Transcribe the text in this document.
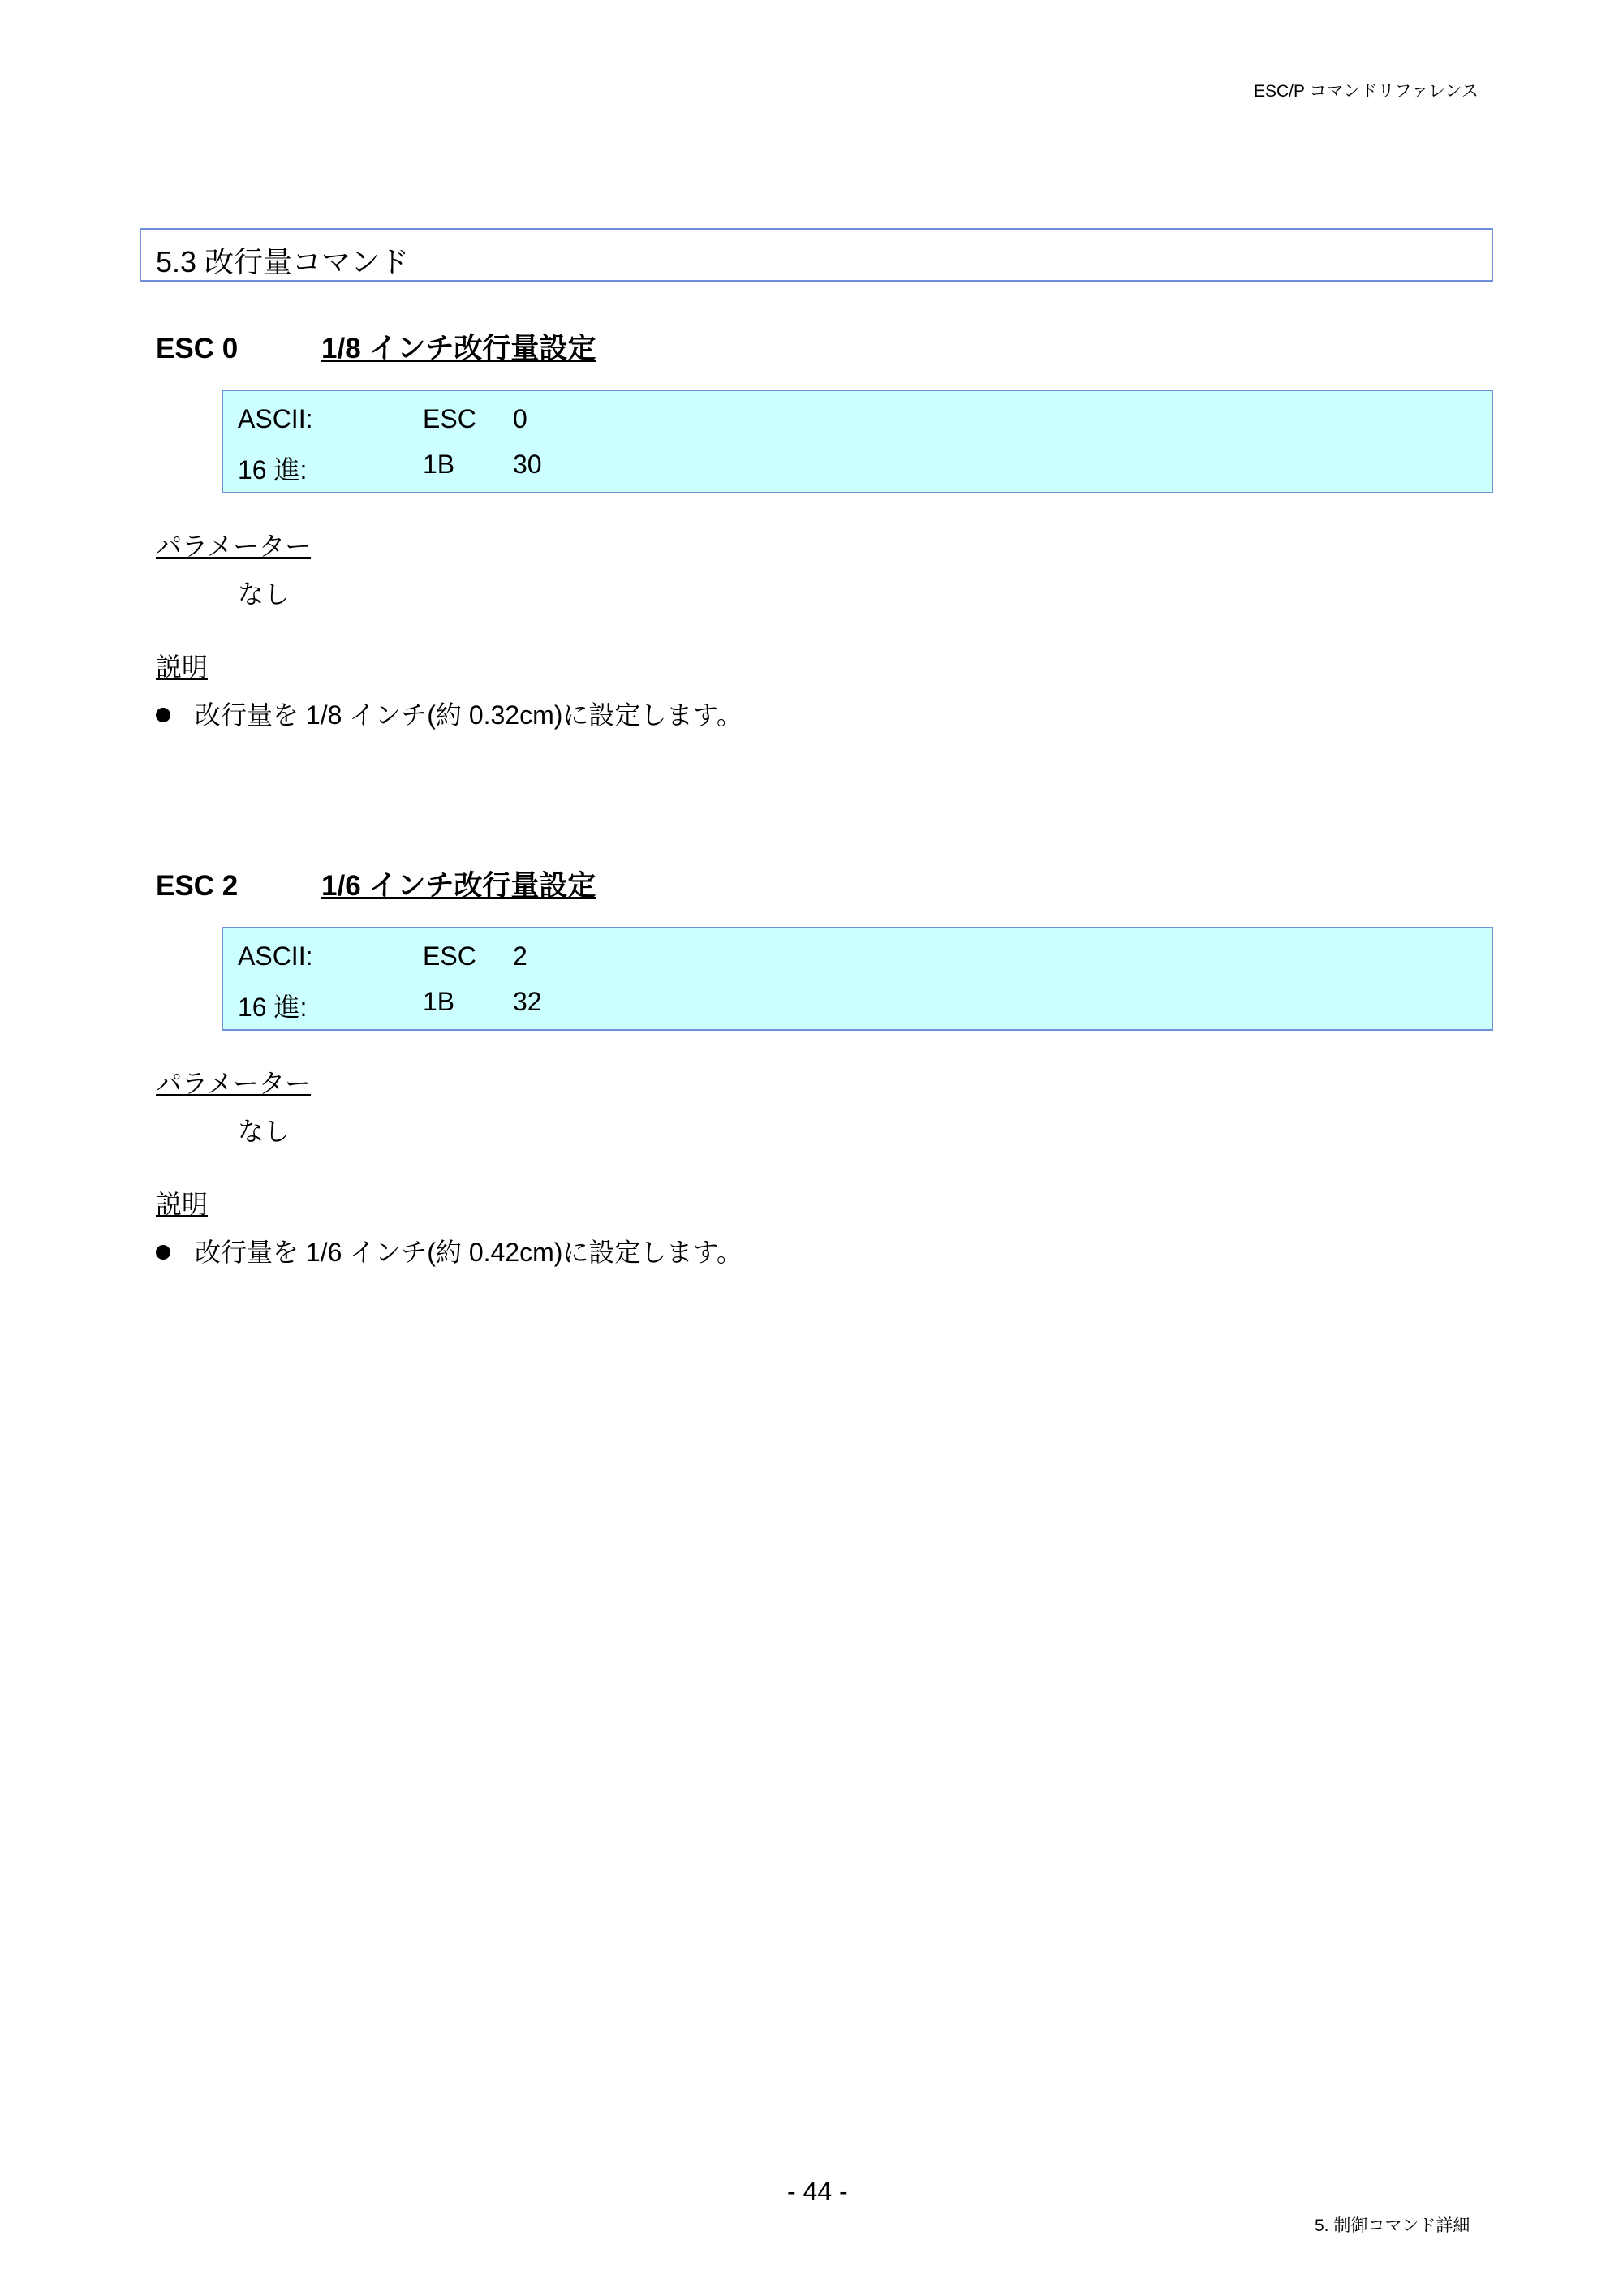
ESC/P コマンドリファレンス
5.3 改行量コマンド
ESC 0	1/8 インチ改行量設定
ASCII:	ESC 0
16 進:	1B 30
パラメーター
なし
説明
改行量を 1/8 インチ(約 0.32cm)に設定します。
ESC 2	1/6 インチ改行量設定
ASCII:	ESC 2
16 進:	1B 32
パラメーター
なし
説明
改行量を 1/6 インチ(約 0.42cm)に設定します。
- 44 -
5. 制御コマンド詳細
